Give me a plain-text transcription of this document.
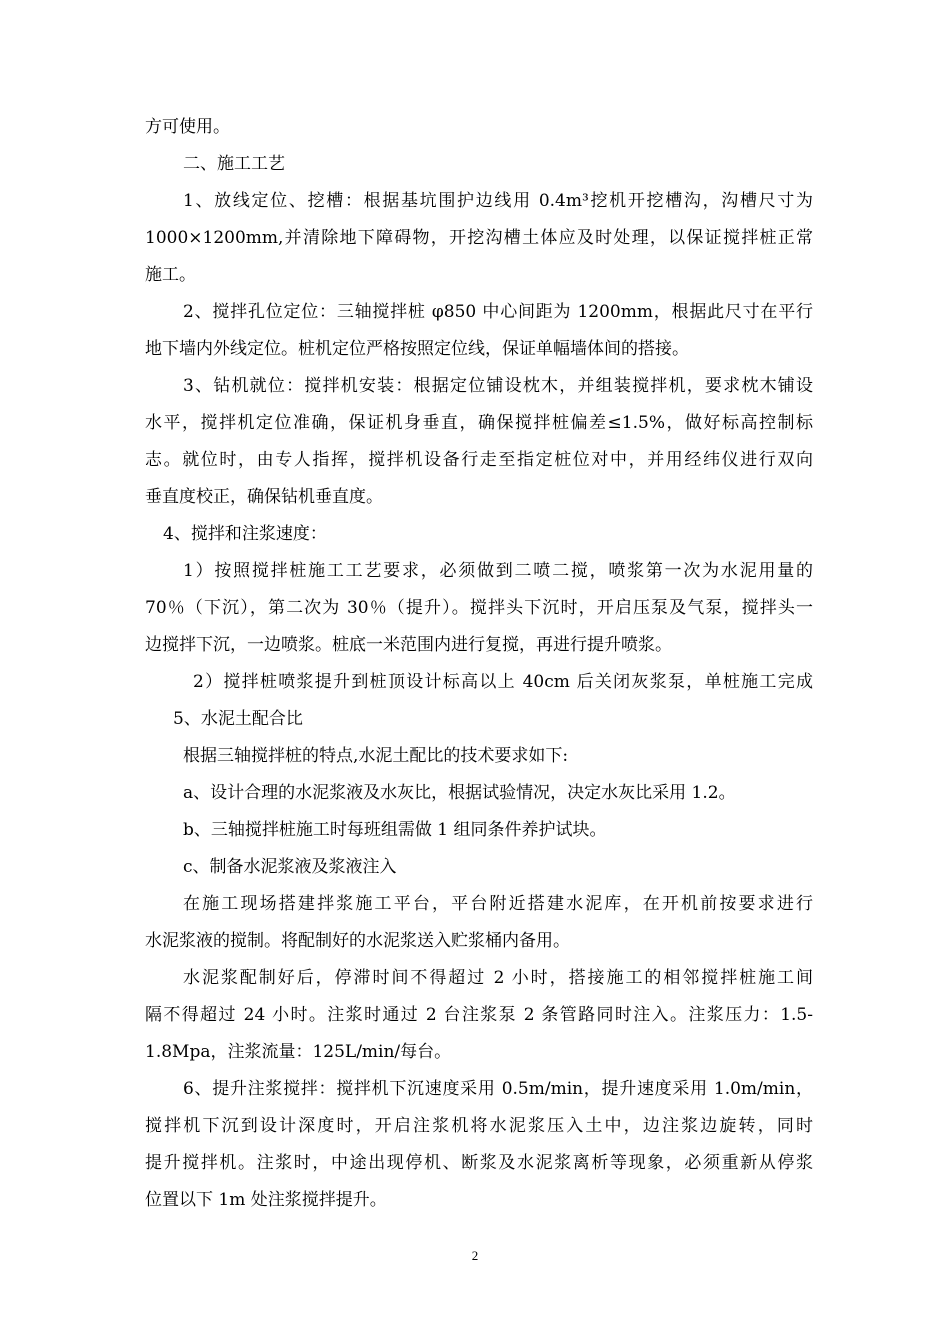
方可使用。
二、施工工艺
1、放线定位、挖槽：根据基坑围护边线用 0.4m³挖机开挖槽沟，沟槽尺寸为
1000×1200mm,并清除地下障碍物，开挖沟槽土体应及时处理，以保证搅拌桩正常
施工。
2、搅拌孔位定位：三轴搅拌桩 φ850 中心间距为 1200mm，根据此尺寸在平行
地下墙内外线定位。桩机定位严格按照定位线，保证单幅墙体间的搭接。
3、钻机就位：搅拌机安装：根据定位铺设枕木，并组装搅拌机，要求枕木铺设
水平，搅拌机定位准确，保证机身垂直，确保搅拌桩偏差≤1.5%，做好标高控制标
志。就位时，由专人指挥，搅拌机设备行走至指定桩位对中，并用经纬仪进行双向
垂直度校正，确保钻机垂直度。
4、搅拌和注浆速度：
1）按照搅拌桩施工工艺要求，必须做到二喷二搅，喷浆第一次为水泥用量的
70％（下沉），第二次为 30％（提升）。搅拌头下沉时，开启压泵及气泵，搅拌头一
边搅拌下沉，一边喷浆。桩底一米范围内进行复搅，再进行提升喷浆。
2）搅拌桩喷浆提升到桩顶设计标高以上 40cm 后关闭灰浆泵，单桩施工完成
5、水泥土配合比
根据三轴搅拌桩的特点,水泥土配比的技术要求如下:
a、设计合理的水泥浆液及水灰比，根据试验情况，决定水灰比采用 1.2。
b、三轴搅拌桩施工时每班组需做 1 组同条件养护试块。
c、制备水泥浆液及浆液注入
在施工现场搭建拌浆施工平台，平台附近搭建水泥库，在开机前按要求进行
水泥浆液的搅制。将配制好的水泥浆送入贮浆桶内备用。
水泥浆配制好后，停滞时间不得超过 2 小时，搭接施工的相邻搅拌桩施工间
隔不得超过 24 小时。注浆时通过 2 台注浆泵 2 条管路同时注入。注浆压力：1.5-
1.8Mpa，注浆流量：125L/min/每台。
6、提升注浆搅拌：搅拌机下沉速度采用 0.5m/min，提升速度采用 1.0m/min，
搅拌机下沉到设计深度时，开启注浆机将水泥浆压入土中，边注浆边旋转，同时
提升搅拌机。注浆时，中途出现停机、断浆及水泥浆离析等现象，必须重新从停浆
位置以下 1m 处注浆搅拌提升。
2
